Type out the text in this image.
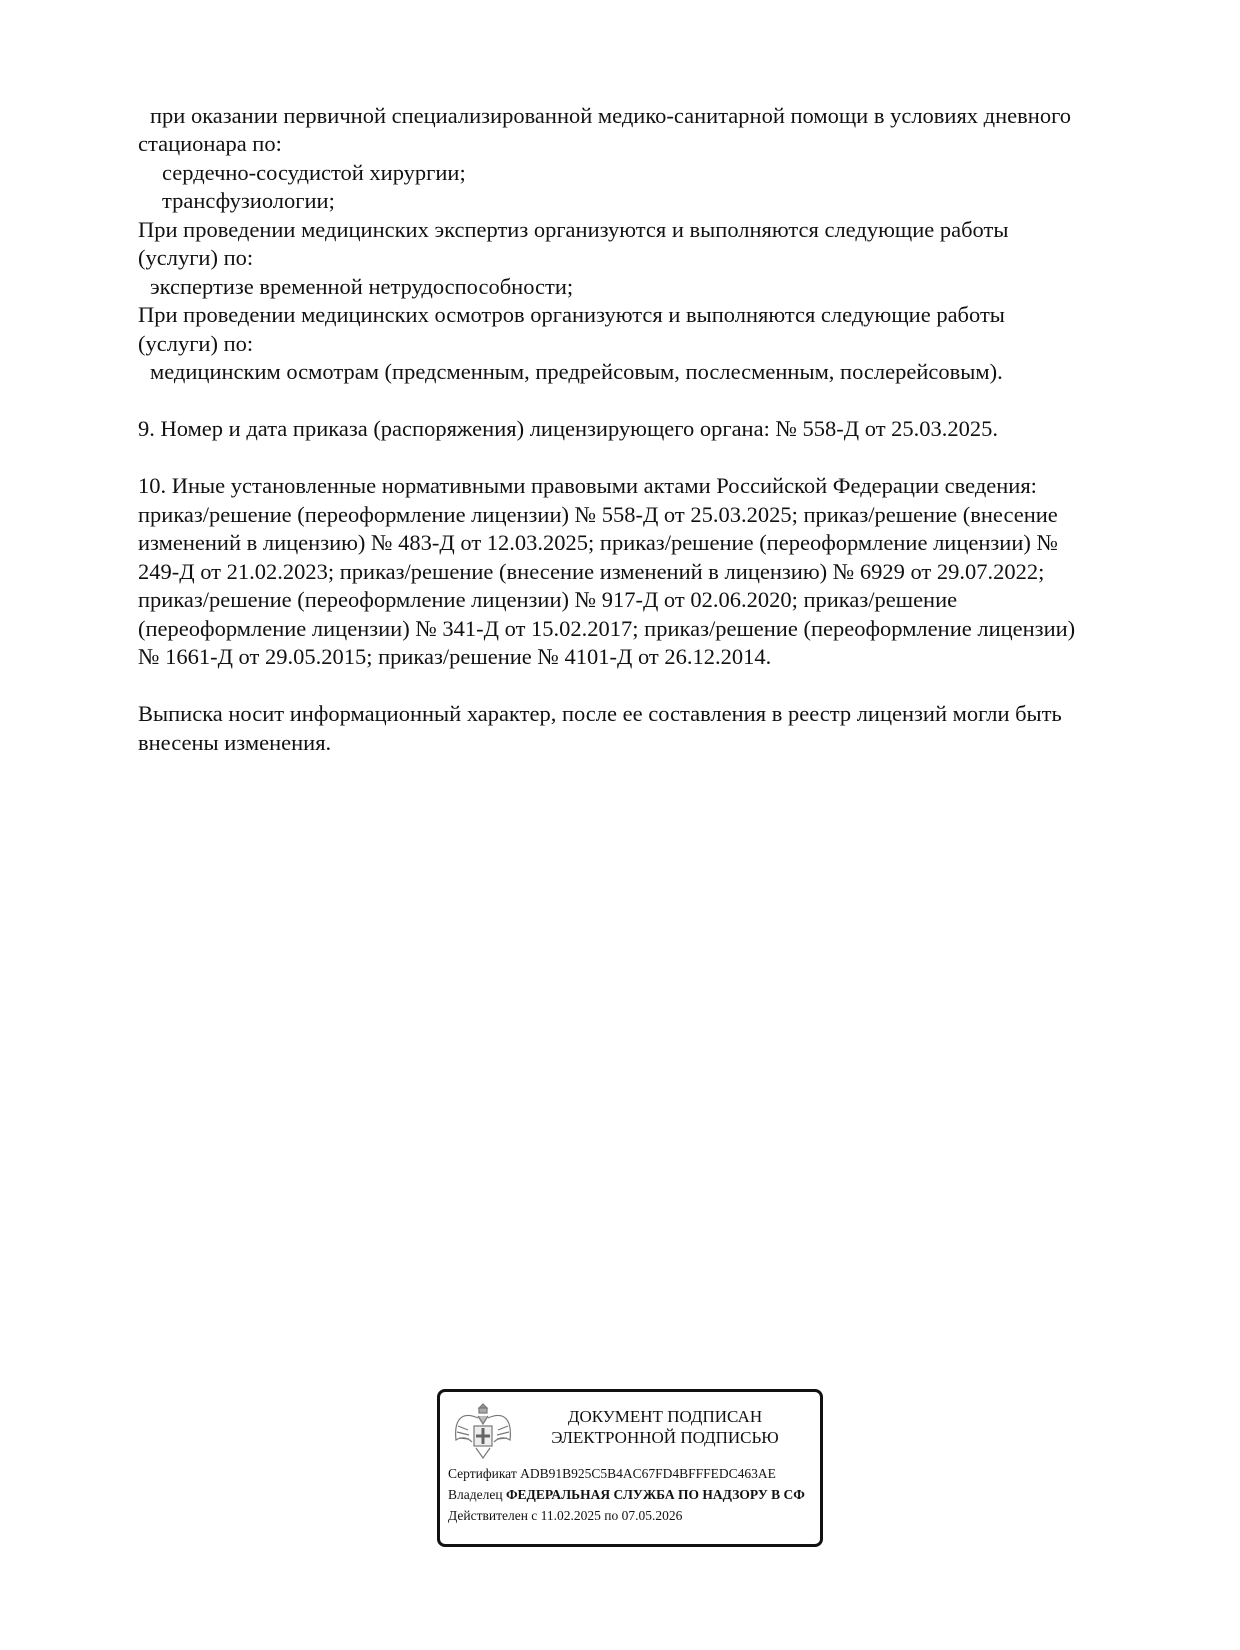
при оказании первичной специализированной медико-санитарной помощи в условиях дневного
стационара по:
сердечно-сосудистой хирургии;
трансфузиологии;
При проведении медицинских экспертиз организуются и выполняются следующие работы
(услуги) по:
экспертизе временной нетрудоспособности;
При проведении медицинских осмотров организуются и выполняются следующие работы
(услуги) по:
медицинским осмотрам (предсменным, предрейсовым, послесменным, послерейсовым).
9. Номер и дата приказа (распоряжения) лицензирующего органа: № 558-Д от 25.03.2025.
10. Иные установленные нормативными правовыми актами Российской Федерации сведения:
приказ/решение (переоформление лицензии) № 558-Д от 25.03.2025; приказ/решение (внесение
изменений в лицензию) № 483-Д от 12.03.2025; приказ/решение (переоформление лицензии) №
249-Д от 21.02.2023; приказ/решение (внесение изменений в лицензию) № 6929 от 29.07.2022;
приказ/решение (переоформление лицензии) № 917-Д от 02.06.2020; приказ/решение
(переоформление лицензии) № 341-Д от 15.02.2017; приказ/решение (переоформление лицензии)
№ 1661-Д от 29.05.2015; приказ/решение № 4101-Д от 26.12.2014.
Выписка носит информационный характер, после ее составления в реестр лицензий могли быть
внесены изменения.
ДОКУМЕНТ ПОДПИСАН
ЭЛЕКТРОННОЙ ПОДПИСЬЮ
Сертификат ADB91B925C5B4AC67FD4BFFFEDC463AE
Владелец ФЕДЕРАЛЬНАЯ СЛУЖБА ПО НАДЗОРУ В СФ
Действителен с 11.02.2025 по 07.05.2026
